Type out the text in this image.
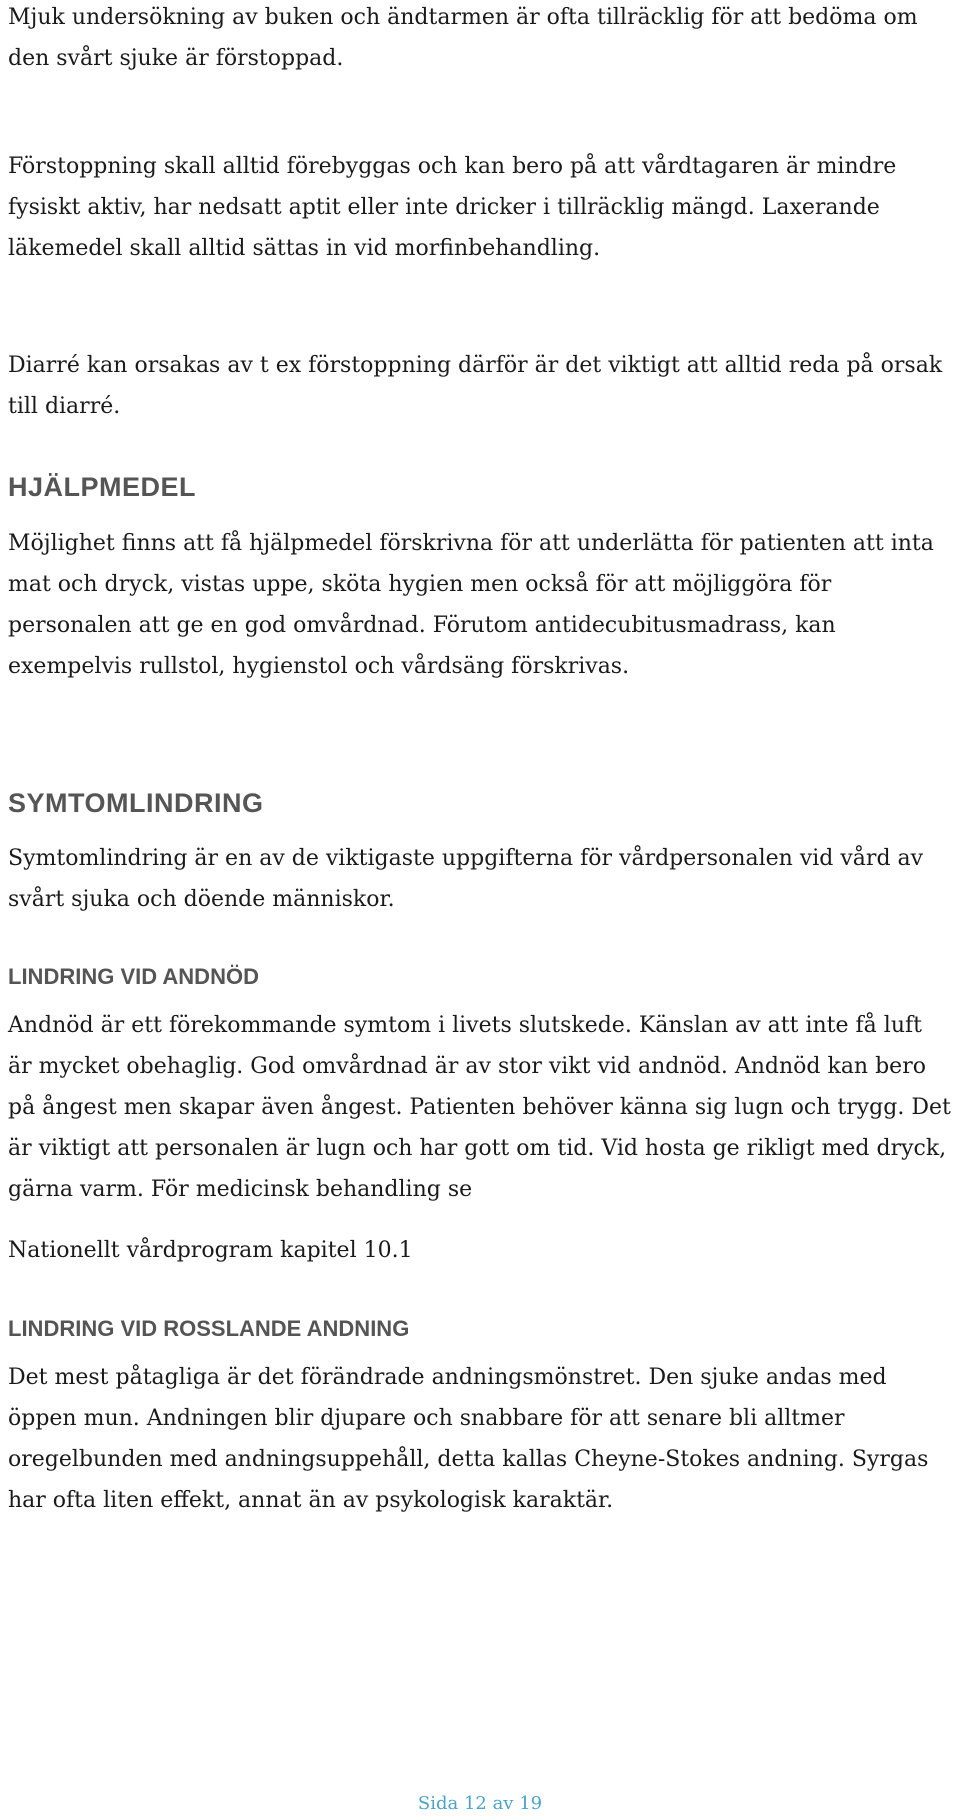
Mjuk undersökning av buken och ändtarmen är ofta tillräcklig för att bedöma om
den svårt sjuke är förstoppad.

Förstoppning skall alltid förebyggas och kan bero på att vårdtagaren är mindre
fysiskt aktiv, har nedsatt aptit eller inte dricker i tillräcklig mängd. Laxerande
läkemedel skall alltid sättas in vid morfinbehandling.

Diarré kan orsakas av t ex förstoppning därför är det viktigt att alltid reda på orsak
till diarré.

HJÄLPMEDEL

Möjlighet finns att få hjälpmedel förskrivna för att underlätta för patienten att inta
mat och dryck, vistas uppe, sköta hygien men också för att möjliggöra för
personalen att ge en god omvårdnad. Förutom antidecubitusmadrass, kan
exempelvis rullstol, hygienstol och vårdsäng förskrivas.

SYMTOMLINDRING

Symtomlindring är en av de viktigaste uppgifterna för vårdpersonalen vid vård av
svårt sjuka och döende människor.

LINDRING VID ANDNÖD

Andnöd är ett förekommande symtom i livets slutskede. Känslan av att inte få luft
är mycket obehaglig. God omvårdnad är av stor vikt vid andnöd. Andnöd kan bero
på ångest men skapar även ångest. Patienten behöver känna sig lugn och trygg. Det
är viktigt att personalen är lugn och har gott om tid. Vid hosta ge rikligt med dryck,
gärna varm. För medicinsk behandling se

Nationellt vårdprogram kapitel 10.1

LINDRING VID ROSSLANDE ANDNING

Det mest påtagliga är det förändrade andningsmönstret. Den sjuke andas med
öppen mun. Andningen blir djupare och snabbare för att senare bli alltmer
oregelbunden med andningsuppehåll, detta kallas Cheyne-Stokes andning. Syrgas
har ofta liten effekt, annat än av psykologisk karaktär.

Sida 12 av 19
